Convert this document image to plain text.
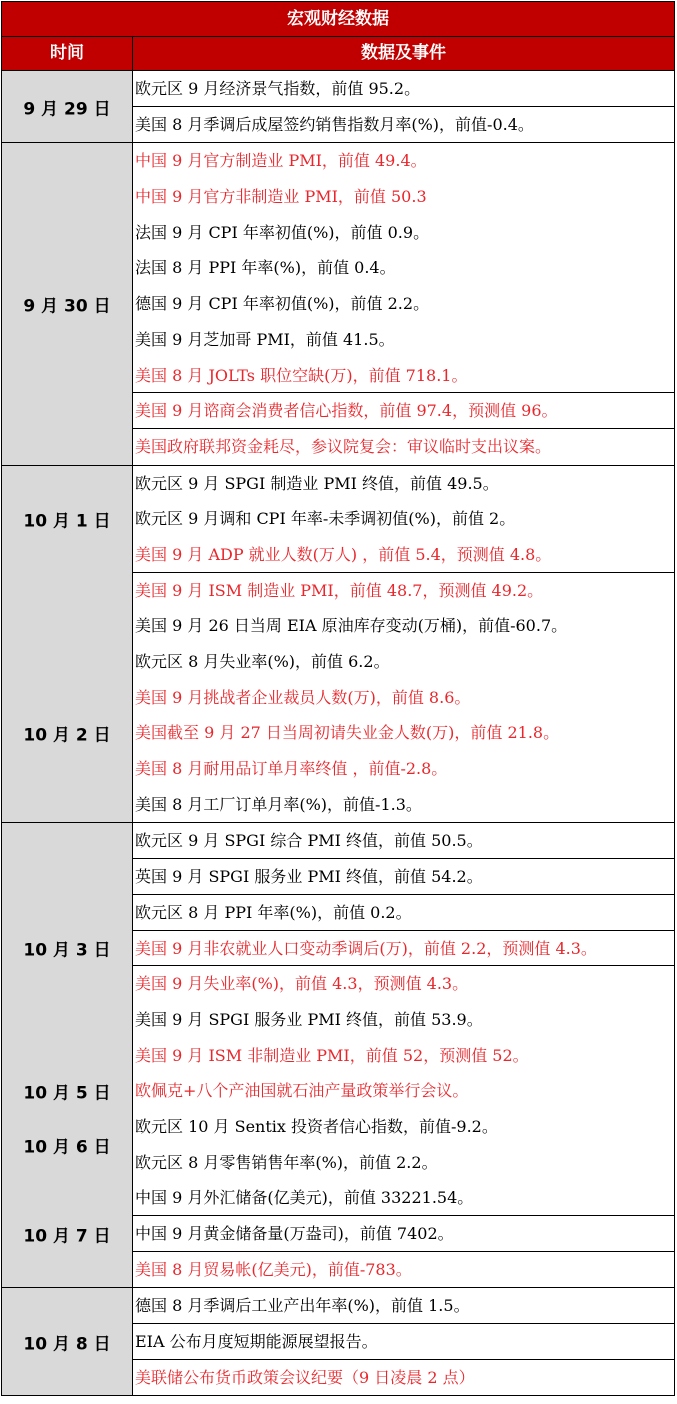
宏观财经数据
时间	数据及事件
9 月 29 日
欧元区 9 月经济景气指数，前值 95.2。
美国 8 月季调后成屋签约销售指数月率(%)，前值-0.4。
9 月 30 日
中国 9 月官方制造业 PMI，前值 49.4。
中国 9 月官方非制造业 PMI，前值 50.3
法国 9 月 CPI 年率初值(%)，前值 0.9。
法国 8 月 PPI 年率(%)，前值 0.4。
德国 9 月 CPI 年率初值(%)，前值 2.2。
美国 9 月芝加哥 PMI，前值 41.5。
美国 8 月 JOLTs 职位空缺(万)，前值 718.1。
美国 9 月谘商会消费者信心指数，前值 97.4，预测值 96。
美国政府联邦资金耗尽，参议院复会：审议临时支出议案。
10 月 1 日
10 月 2 日
欧元区 9 月 SPGI 制造业 PMI 终值，前值 49.5。
欧元区 9 月调和 CPI 年率-未季调初值(%)，前值 2。
美国 9 月 ADP 就业人数(万人) ，前值 5.4，预测值 4.8。
美国 9 月 ISM 制造业 PMI，前值 48.7，预测值 49.2。
美国 9 月 26 日当周 EIA 原油库存变动(万桶)，前值-60.7。
欧元区 8 月失业率(%)，前值 6.2。
美国 9 月挑战者企业裁员人数(万)，前值 8.6。
美国截至 9 月 27 日当周初请失业金人数(万)，前值 21.8。
美国 8 月耐用品订单月率终值 ，前值-2.8。
美国 8 月工厂订单月率(%)，前值-1.3。
10 月 3 日
10 月 5 日
10 月 6 日
10 月 7 日
欧元区 9 月 SPGI 综合 PMI 终值，前值 50.5。
英国 9 月 SPGI 服务业 PMI 终值，前值 54.2。
欧元区 8 月 PPI 年率(%)，前值 0.2。
美国 9 月非农就业人口变动季调后(万)，前值 2.2，预测值 4.3。
美国 9 月失业率(%)，前值 4.3，预测值 4.3。
美国 9 月 SPGI 服务业 PMI 终值，前值 53.9。
美国 9 月 ISM 非制造业 PMI，前值 52，预测值 52。
欧佩克+八个产油国就石油产量政策举行会议。
欧元区 10 月 Sentix 投资者信心指数，前值-9.2。
欧元区 8 月零售销售年率(%)，前值 2.2。
中国 9 月外汇储备(亿美元)，前值 33221.54。
中国 9 月黄金储备量(万盎司)，前值 7402。
美国 8 月贸易帐(亿美元)，前值-783。
10 月 8 日
德国 8 月季调后工业产出年率(%)，前值 1.5。
EIA 公布月度短期能源展望报告。
美联储公布货币政策会议纪要（9 日凌晨 2 点）
